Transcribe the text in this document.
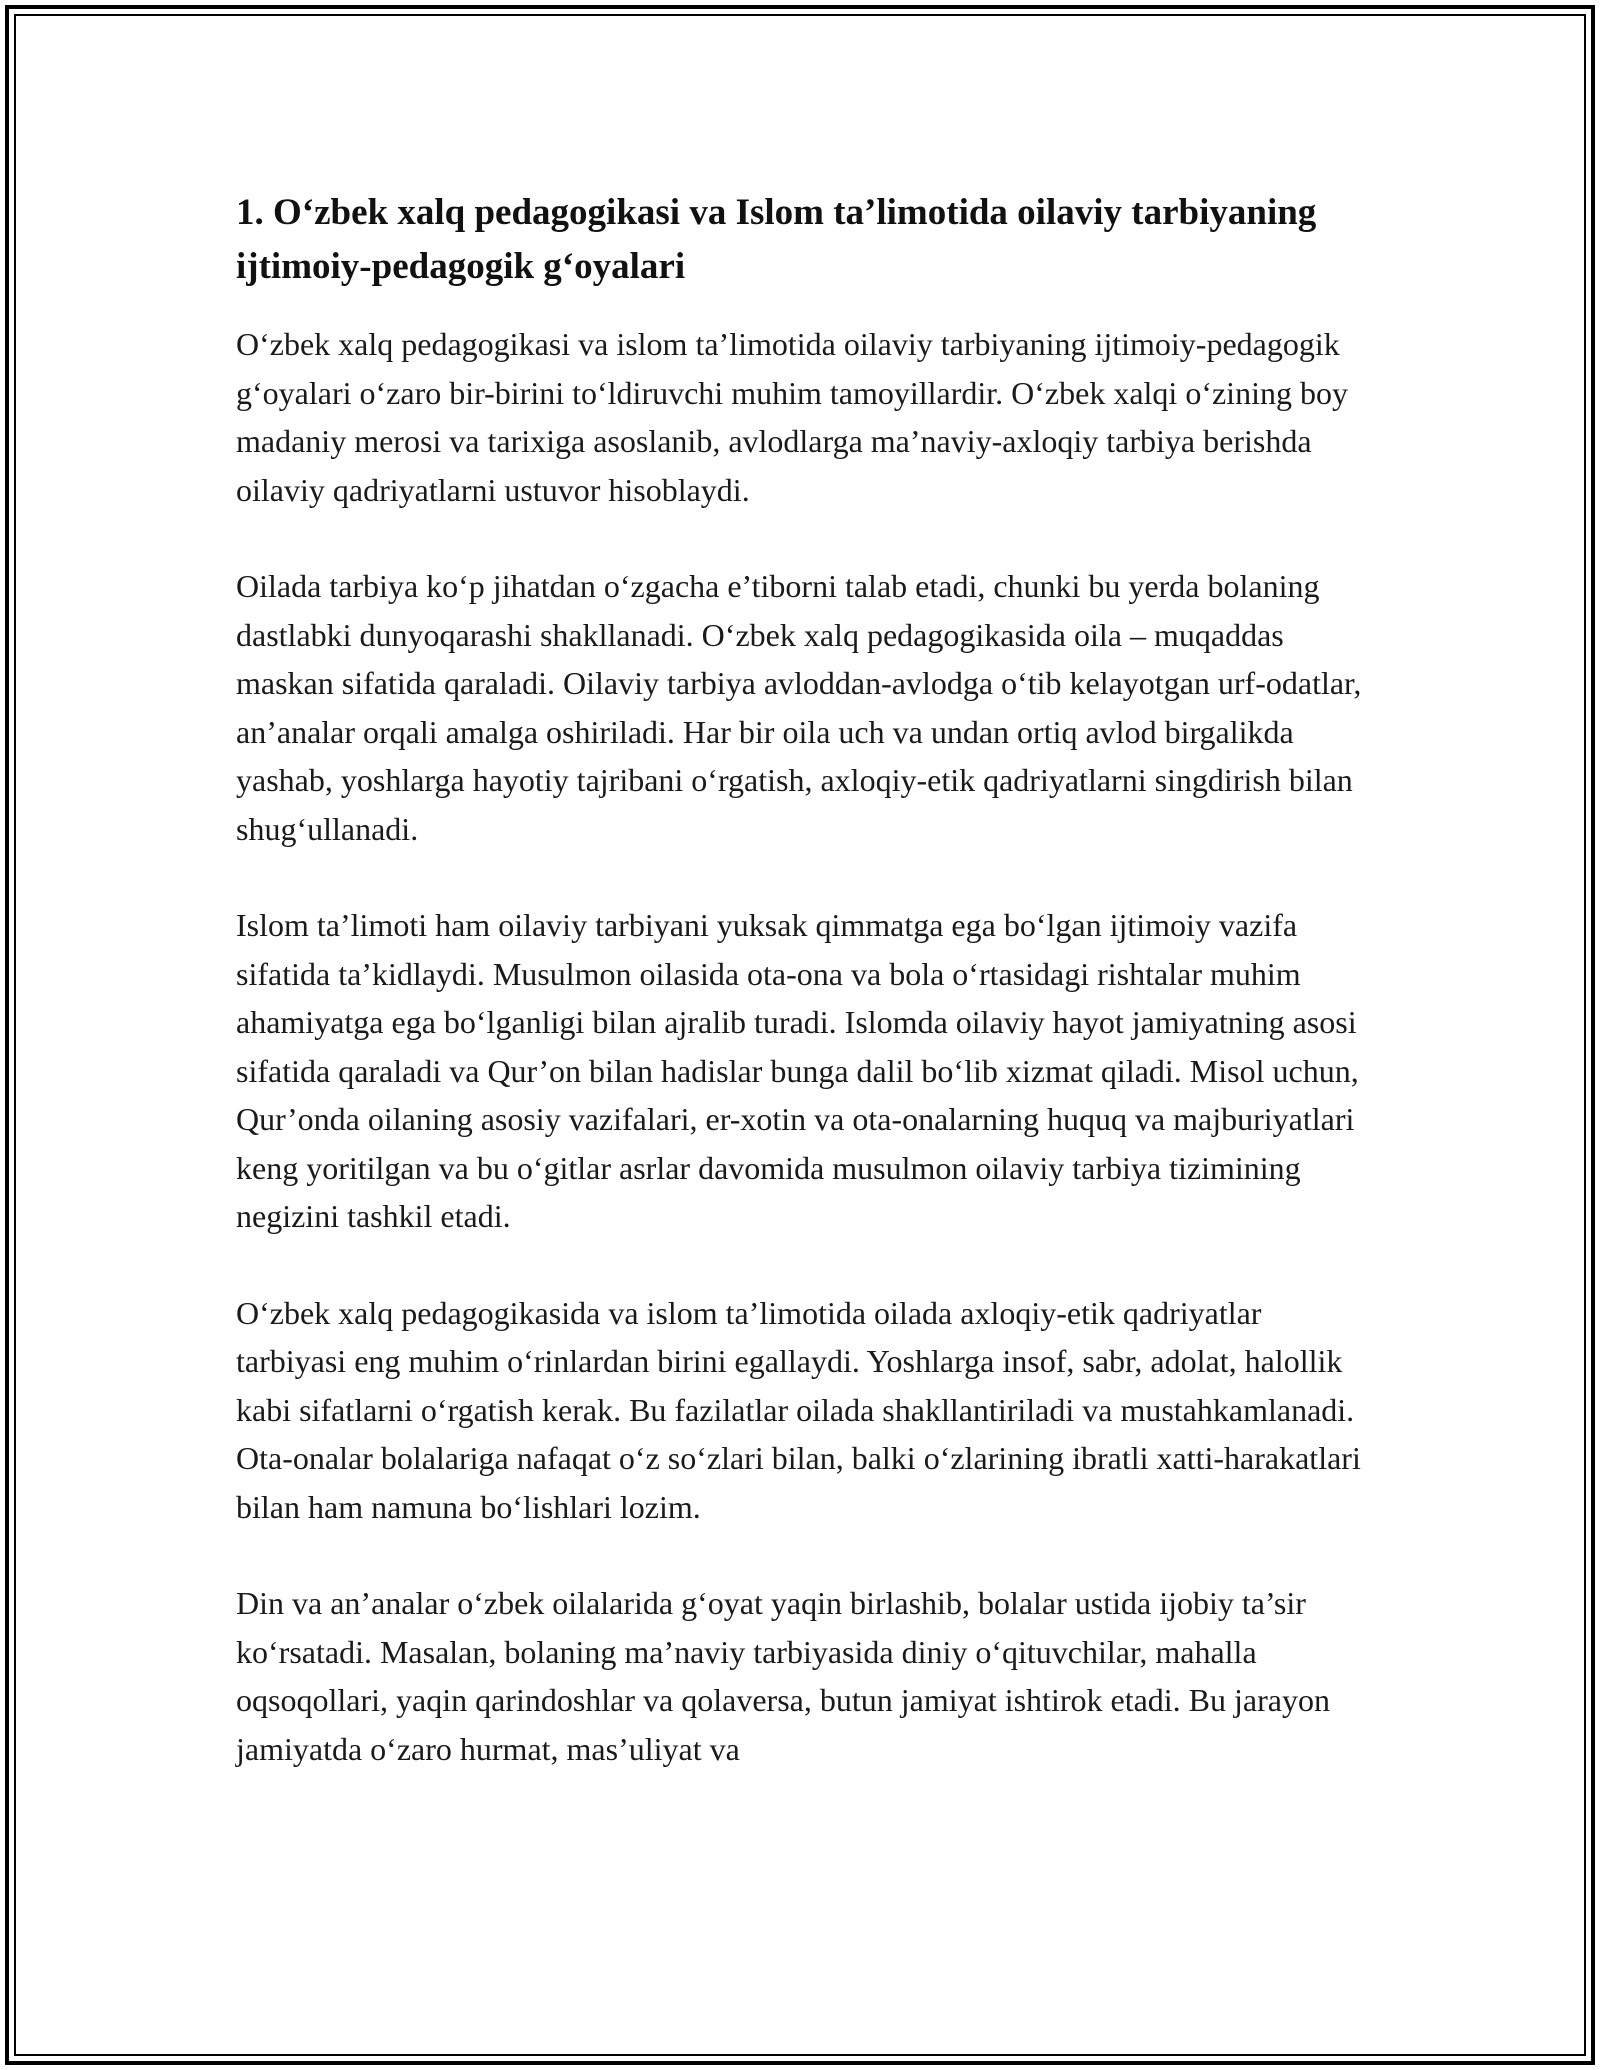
1. O‘zbek xalq pedagogikasi va Islom ta’limotida oilaviy tarbiyaning ijtimoiy-pedagogik g‘oyalari

O‘zbek xalq pedagogikasi va islom ta’limotida oilaviy tarbiyaning ijtimoiy-pedagogik g‘oyalari o‘zaro bir-birini to‘ldiruvchi muhim tamoyillardir. O‘zbek xalqi o‘zining boy madaniy merosi va tarixiga asoslanib, avlodlarga ma’naviy-axloqiy tarbiya berishda oilaviy qadriyatlarni ustuvor hisoblaydi.

Oilada tarbiya ko‘p jihatdan o‘zgacha e’tiborni talab etadi, chunki bu yerda bolaning dastlabki dunyoqarashi shakllanadi. O‘zbek xalq pedagogikasida oila – muqaddas maskan sifatida qaraladi. Oilaviy tarbiya avloddan-avlodga o‘tib kelayotgan urf-odatlar, an’analar orqali amalga oshiriladi. Har bir oila uch va undan ortiq avlod birgalikda yashab, yoshlarga hayotiy tajribani o‘rgatish, axloqiy-etik qadriyatlarni singdirish bilan shug‘ullanadi.

Islom ta’limoti ham oilaviy tarbiyani yuksak qimmatga ega bo‘lgan ijtimoiy vazifa sifatida ta’kidlaydi. Musulmon oilasida ota-ona va bola o‘rtasidagi rishtalar muhim ahamiyatga ega bo‘lganligi bilan ajralib turadi. Islomda oilaviy hayot jamiyatning asosi sifatida qaraladi va Qur’on bilan hadislar bunga dalil bo‘lib xizmat qiladi. Misol uchun, Qur’onda oilaning asosiy vazifalari, er-xotin va ota-onalarning huquq va majburiyatlari keng yoritilgan va bu o‘gitlar asrlar davomida musulmon oilaviy tarbiya tizimining negizini tashkil etadi.

O‘zbek xalq pedagogikasida va islom ta’limotida oilada axloqiy-etik qadriyatlar tarbiyasi eng muhim o‘rinlardan birini egallaydi. Yoshlarga insof, sabr, adolat, halollik kabi sifatlarni o‘rgatish kerak. Bu fazilatlar oilada shakllantiriladi va mustahkamlanadi. Ota-onalar bolalariga nafaqat o‘z so‘zlari bilan, balki o‘zlarining ibratli xatti-harakatlari bilan ham namuna bo‘lishlari lozim.

Din va an’analar o‘zbek oilalarida g‘oyat yaqin birlashib, bolalar ustida ijobiy ta’sir ko‘rsatadi. Masalan, bolaning ma’naviy tarbiyasida diniy o‘qituvchilar, mahalla oqsoqollari, yaqin qarindoshlar va qolaversa, butun jamiyat ishtirok etadi. Bu jarayon jamiyatda o‘zaro hurmat, mas’uliyat va
